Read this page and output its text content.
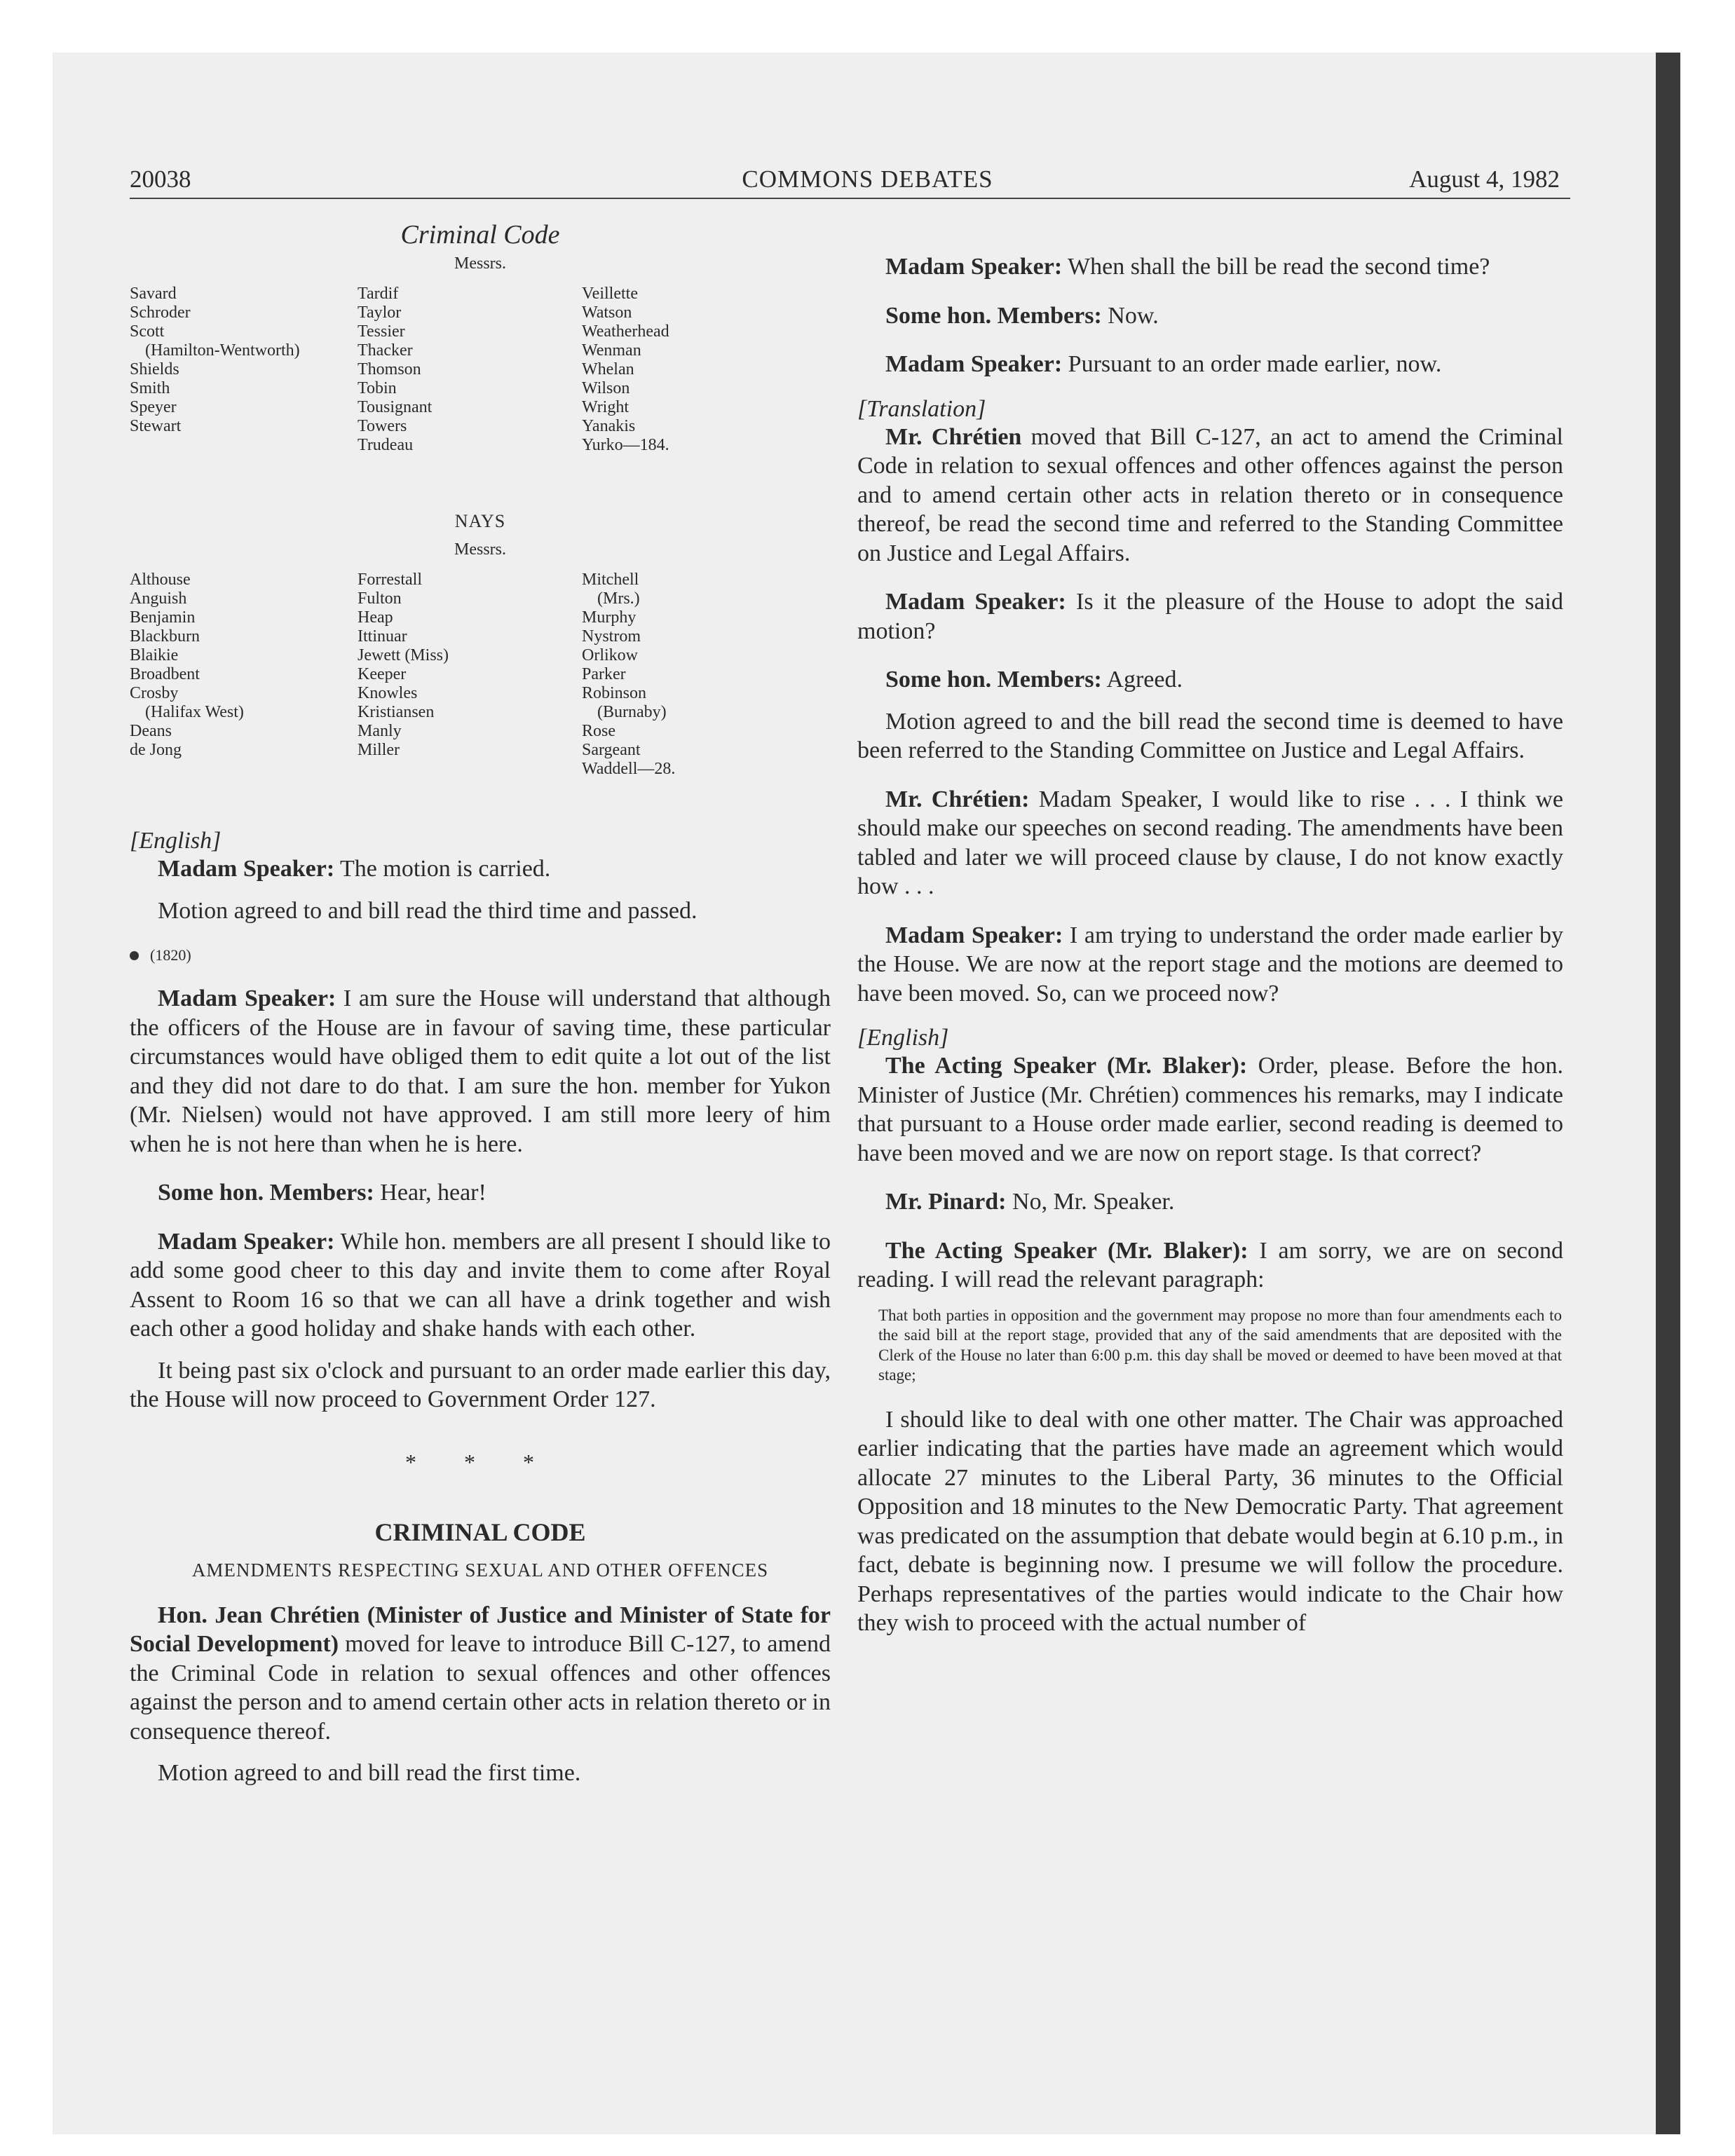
20038	COMMONS DEBATES	August 4, 1982
Criminal Code
Messrs.
Savard
Schroder
Scott
(Hamilton-Wentworth)
Shields
Smith
Speyer
Stewart
Tardif
Taylor
Tessier
Thacker
Thomson
Tobin
Tousignant
Towers
Trudeau
Veillette
Watson
Weatherhead
Wenman
Whelan
Wilson
Wright
Yanakis
Yurko—184.
NAYS
Messrs.
Althouse
Anguish
Benjamin
Blackburn
Blaikie
Broadbent
Crosby
(Halifax West)
Deans
de Jong
Forrestall
Fulton
Heap
Ittinuar
Jewett (Miss)
Keeper
Knowles
Kristiansen
Manly
Miller
Mitchell
(Mrs.)
Murphy
Nystrom
Orlikow
Parker
Robinson
(Burnaby)
Rose
Sargeant
Waddell—28.
[English]

Madam Speaker: The motion is carried.

Motion agreed to and bill read the third time and passed.

(1820)

Madam Speaker: I am sure the House will understand that although the officers of the House are in favour of saving time, these particular circumstances would have obliged them to edit quite a lot out of the list and they did not dare to do that. I am sure the hon. member for Yukon (Mr. Nielsen) would not have approved. I am still more leery of him when he is not here than when he is here.

Some hon. Members: Hear, hear!

Madam Speaker: While hon. members are all present I should like to add some good cheer to this day and invite them to come after Royal Assent to Room 16 so that we can all have a drink together and wish each other a good holiday and shake hands with each other.

It being past six o'clock and pursuant to an order made earlier this day, the House will now proceed to Government Order 127.

* * *
CRIMINAL CODE
AMENDMENTS RESPECTING SEXUAL AND OTHER OFFENCES

Hon. Jean Chrétien (Minister of Justice and Minister of State for Social Development) moved for leave to introduce Bill C-127, to amend the Criminal Code in relation to sexual offences and other offences against the person and to amend certain other acts in relation thereto or in consequence thereof.

Motion agreed to and bill read the first time.

Madam Speaker: When shall the bill be read the second time?

Some hon. Members: Now.

Madam Speaker: Pursuant to an order made earlier, now.

[Translation]

Mr. Chrétien moved that Bill C-127, an act to amend the Criminal Code in relation to sexual offences and other offences against the person and to amend certain other acts in relation thereto or in consequence thereof, be read the second time and referred to the Standing Committee on Justice and Legal Affairs.

Madam Speaker: Is it the pleasure of the House to adopt the said motion?

Some hon. Members: Agreed.

Motion agreed to and the bill read the second time is deemed to have been referred to the Standing Committee on Justice and Legal Affairs.

Mr. Chrétien: Madam Speaker, I would like to rise . . . I think we should make our speeches on second reading. The amendments have been tabled and later we will proceed clause by clause, I do not know exactly how . . .

Madam Speaker: I am trying to understand the order made earlier by the House. We are now at the report stage and the motions are deemed to have been moved. So, can we proceed now?

[English]

The Acting Speaker (Mr. Blaker): Order, please. Before the hon. Minister of Justice (Mr. Chrétien) commences his remarks, may I indicate that pursuant to a House order made earlier, second reading is deemed to have been moved and we are now on report stage. Is that correct?

Mr. Pinard: No, Mr. Speaker.

The Acting Speaker (Mr. Blaker): I am sorry, we are on second reading. I will read the relevant paragraph:

That both parties in opposition and the government may propose no more than four amendments each to the said bill at the report stage, provided that any of the said amendments that are deposited with the Clerk of the House no later than 6:00 p.m. this day shall be moved or deemed to have been moved at that stage;

I should like to deal with one other matter. The Chair was approached earlier indicating that the parties have made an agreement which would allocate 27 minutes to the Liberal Party, 36 minutes to the Official Opposition and 18 minutes to the New Democratic Party. That agreement was predicated on the assumption that debate would begin at 6.10 p.m., in fact, debate is beginning now. I presume we will follow the procedure. Perhaps representatives of the parties would indicate to the Chair how they wish to proceed with the actual number of
